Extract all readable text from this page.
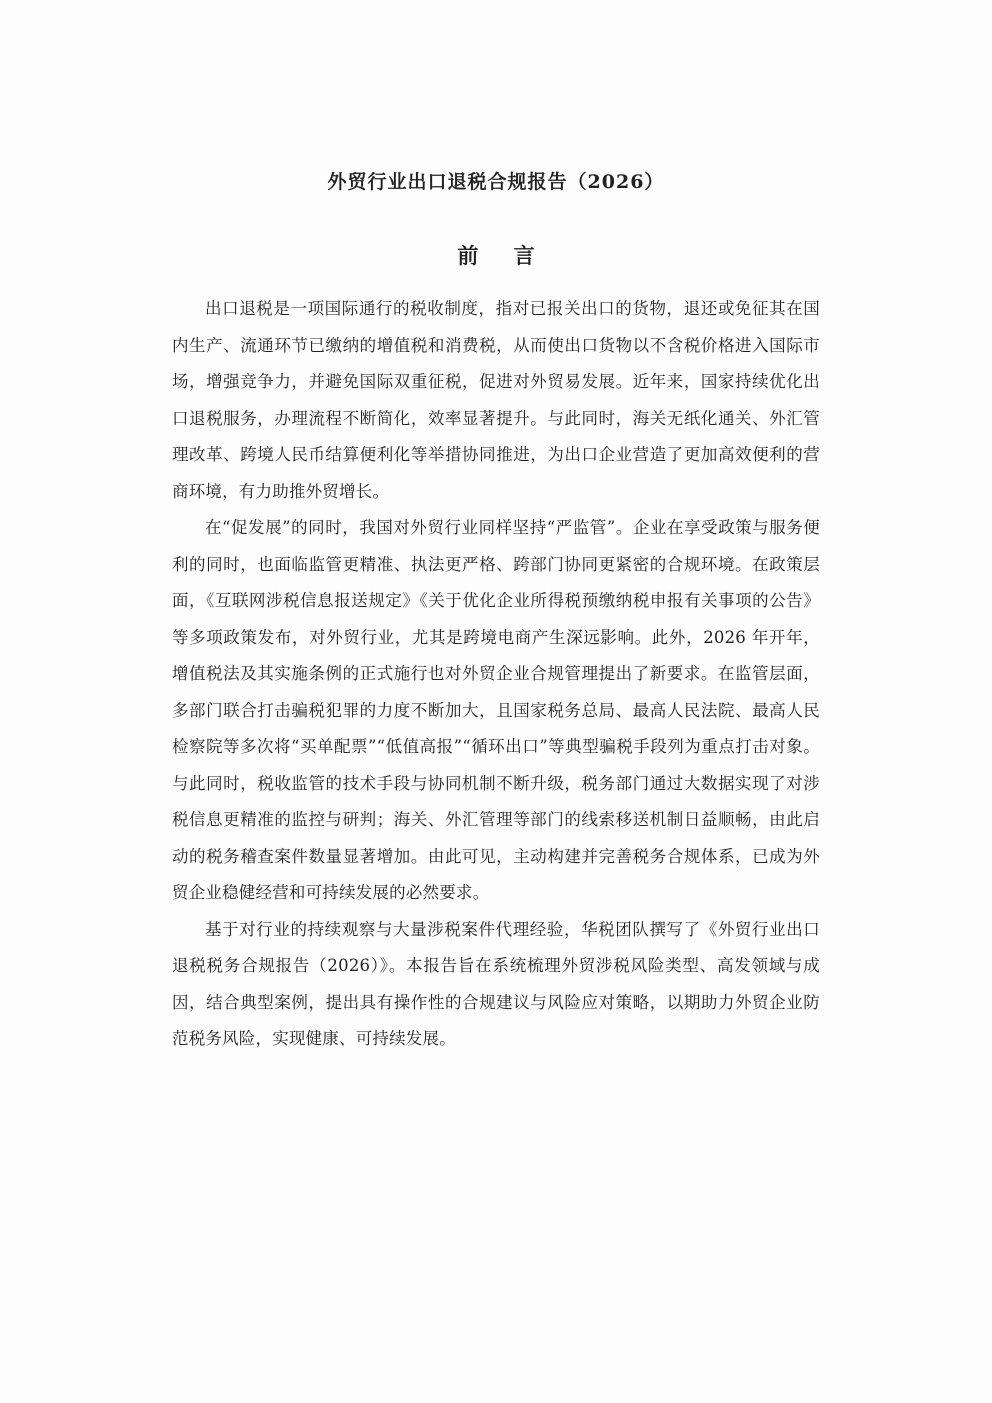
外贸行业出口退税合规报告（2026）
前 言

出口退税是一项国际通行的税收制度，指对已报关出口的货物，退还或免征其在国内生产、流通环节已缴纳的增值税和消费税，从而使出口货物以不含税价格进入国际市场，增强竞争力，并避免国际双重征税，促进对外贸易发展。近年来，国家持续优化出口退税服务，办理流程不断简化，效率显著提升。与此同时，海关无纸化通关、外汇管理改革、跨境人民币结算便利化等举措协同推进，为出口企业营造了更加高效便利的营商环境，有力助推外贸增长。

在“促发展”的同时，我国对外贸行业同样坚持“严监管”。企业在享受政策与服务便利的同时，也面临监管更精准、执法更严格、跨部门协同更紧密的合规环境。在政策层面，《互联网涉税信息报送规定》《关于优化企业所得税预缴纳税申报有关事项的公告》等多项政策发布，对外贸行业，尤其是跨境电商产生深远影响。此外，2026 年开年，增值税法及其实施条例的正式施行也对外贸企业合规管理提出了新要求。在监管层面，多部门联合打击骗税犯罪的力度不断加大，且国家税务总局、最高人民法院、最高人民检察院等多次将“买单配票”“低值高报”“循环出口”等典型骗税手段列为重点打击对象。与此同时，税收监管的技术手段与协同机制不断升级，税务部门通过大数据实现了对涉税信息更精准的监控与研判；海关、外汇管理等部门的线索移送机制日益顺畅，由此启动的税务稽查案件数量显著增加。由此可见，主动构建并完善税务合规体系，已成为外贸企业稳健经营和可持续发展的必然要求。

基于对行业的持续观察与大量涉税案件代理经验，华税团队撰写了《外贸行业出口退税税务合规报告（2026）》。本报告旨在系统梳理外贸涉税风险类型、高发领域与成因，结合典型案例，提出具有操作性的合规建议与风险应对策略，以期助力外贸企业防范税务风险，实现健康、可持续发展。
